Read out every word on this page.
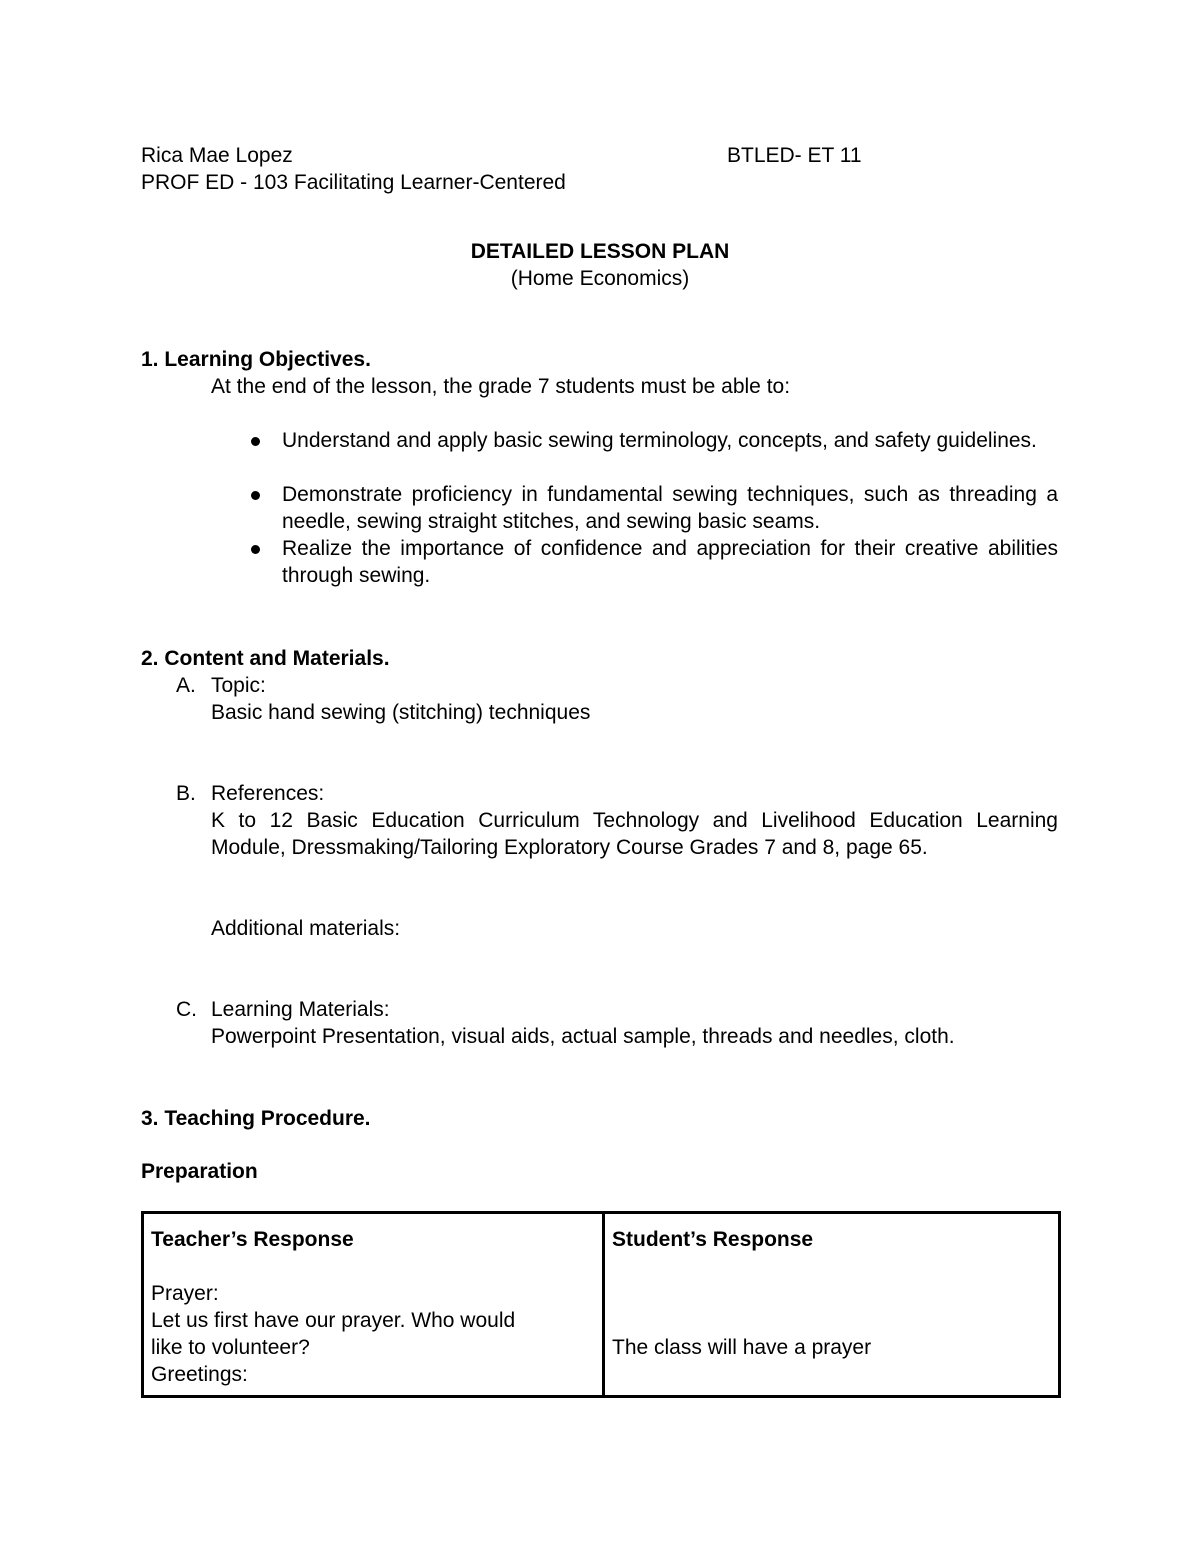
Rica Mae Lopez	BTLED- ET 11
PROF ED - 103 Facilitating Learner-Centered
DETAILED LESSON PLAN
(Home Economics)
1. Learning Objectives.
At the end of the lesson, the grade 7 students must be able to:
Understand and apply basic sewing terminology, concepts, and safety guidelines.
Demonstrate proficiency in fundamental sewing techniques, such as threading a needle, sewing straight stitches, and sewing basic seams.
Realize the importance of confidence and appreciation for their creative abilities through sewing.
2. Content and Materials.
A. Topic:
Basic hand sewing (stitching) techniques
B. References:
K to 12 Basic Education Curriculum Technology and Livelihood Education Learning Module, Dressmaking/Tailoring Exploratory Course Grades 7 and 8, page 65.
Additional materials:
C. Learning Materials:
Powerpoint Presentation, visual aids, actual sample, threads and needles, cloth.
3. Teaching Procedure.
Preparation
Teacher’s Response
Prayer:
Let us first have our prayer. Who would
like to volunteer?
Greetings:
Student’s Response
The class will have a prayer
